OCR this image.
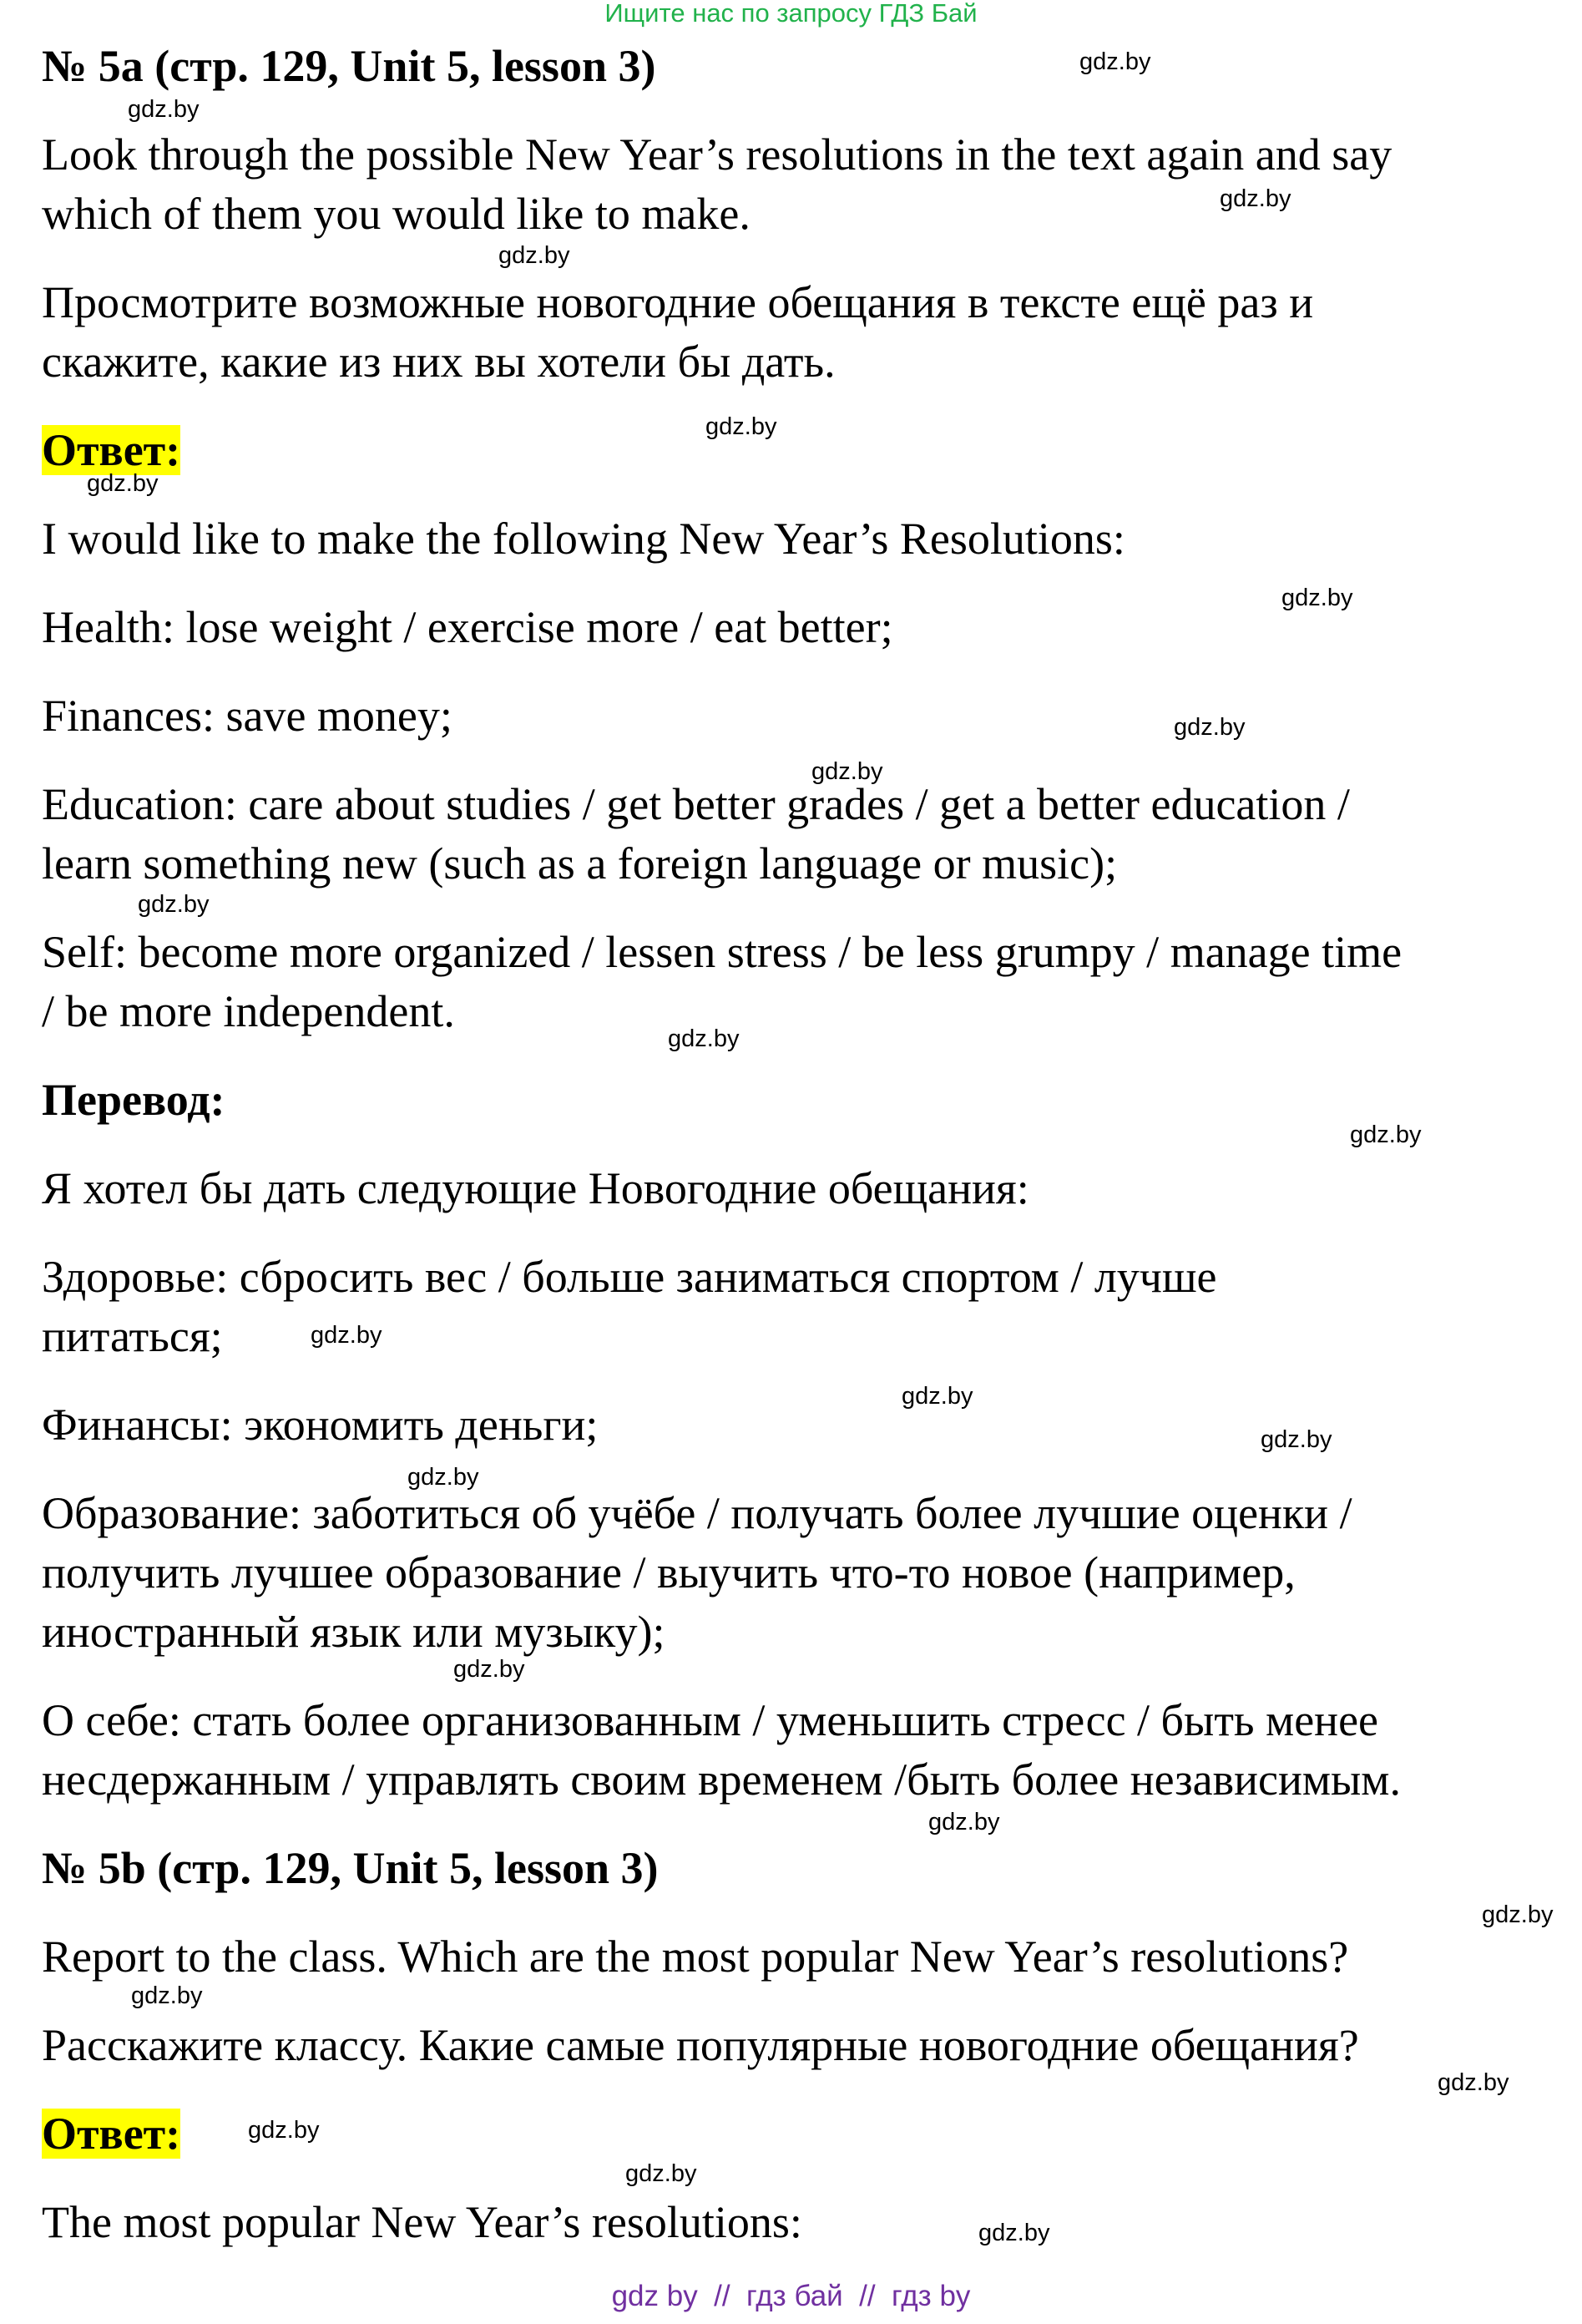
Ищите нас по запросу ГДЗ Бай
№ 5a (стр. 129, Unit 5, lesson 3)
Look through the possible New Year’s resolutions in the text again and say
which of them you would like to make.
Просмотрите возможные новогодние обещания в тексте ещё раз и
скажите, какие из них вы хотели бы дать.
Ответ:
I would like to make the following New Year’s Resolutions:
Health: lose weight / exercise more / eat better;
Finances: save money;
Education: care about studies / get better grades / get a better education /
learn something new (such as a foreign language or music);
Self: become more organized / lessen stress / be less grumpy / manage time
/ be more independent.
Перевод:
Я хотел бы дать следующие Новогодние обещания:
Здоровье: сбросить вес / больше заниматься спортом / лучше
питаться;
Финансы: экономить деньги;
Образование: заботиться об учёбе / получать более лучшие оценки /
получить лучшее образование / выучить что-то новое (например,
иностранный язык или музыку);
О себе: стать более организованным / уменьшить стресс / быть менее
несдержанным / управлять своим временем /быть более независимым.
№ 5b (стр. 129, Unit 5, lesson 3)
Report to the class. Which are the most popular New Year’s resolutions?
Расскажите классу. Какие самые популярные новогодние обещания?
Ответ:
The most popular New Year’s resolutions:
gdz.by
gdz.by
gdz.by
gdz.by
gdz.by
gdz.by
gdz.by
gdz.by
gdz.by
gdz.by
gdz.by
gdz.by
gdz.by
gdz.by
gdz.by
gdz.by
gdz.by
gdz.by
gdz.by
gdz.by
gdz.by
gdz.by
gdz.by
gdz.by
gdz by  //  гдз бай  //  гдз by
